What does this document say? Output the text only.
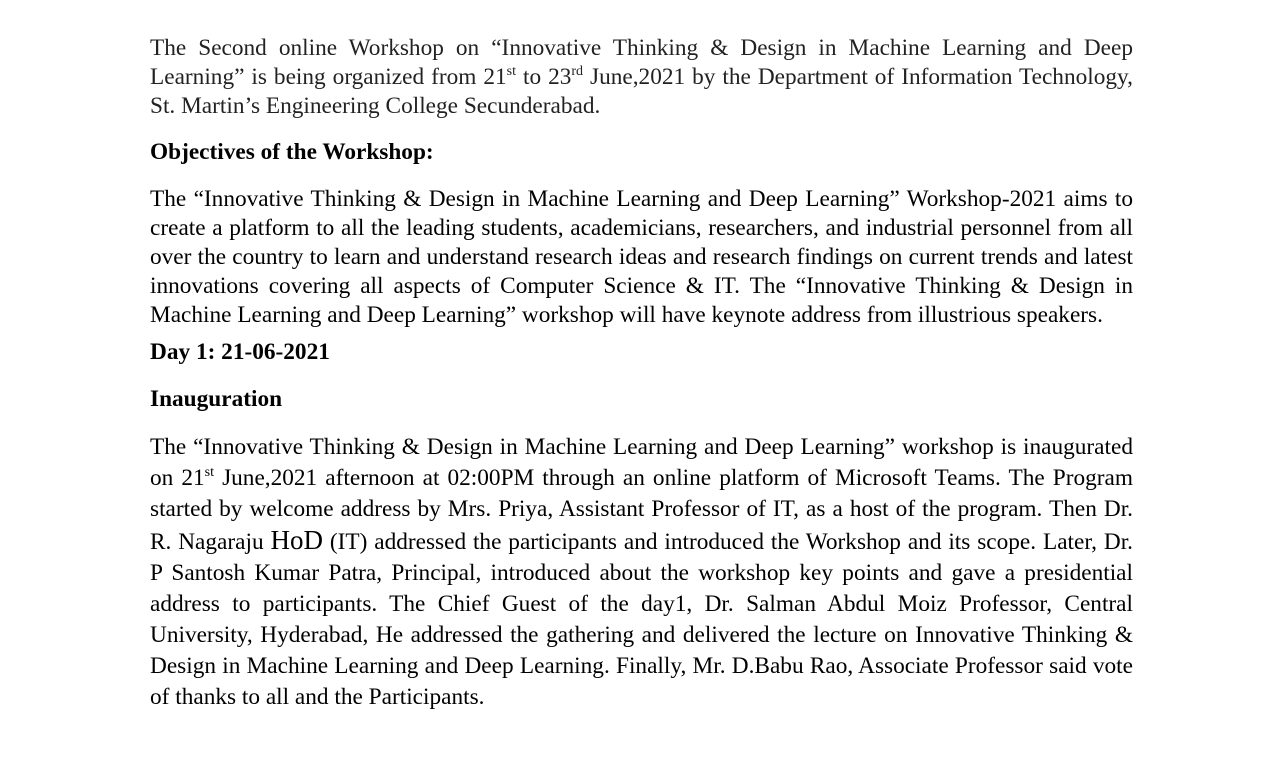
The Second online Workshop on “Innovative Thinking & Design in Machine Learning and Deep Learning” is being organized from 21st to 23rd June,2021 by the Department of Information Technology, St. Martin’s Engineering College Secunderabad.

Objectives of the Workshop:

The “Innovative Thinking & Design in Machine Learning and Deep Learning” Workshop-2021 aims to create a platform to all the leading students, academicians, researchers, and industrial personnel from all over the country to learn and understand research ideas and research findings on current trends and latest innovations covering all aspects of Computer Science & IT. The “Innovative Thinking & Design in Machine Learning and Deep Learning” workshop will have keynote address from illustrious speakers.

Day 1: 21-06-2021

Inauguration

The “Innovative Thinking & Design in Machine Learning and Deep Learning” workshop is inaugurated on 21st June,2021 afternoon at 02:00PM through an online platform of Microsoft Teams. The Program started by welcome address by Mrs. Priya, Assistant Professor of IT, as a host of the program. Then Dr. R. Nagaraju HoD (IT) addressed the participants and introduced the Workshop and its scope. Later, Dr. P Santosh Kumar Patra, Principal, introduced about the workshop key points and gave a presidential address to participants. The Chief Guest of the day1, Dr. Salman Abdul Moiz Professor, Central University, Hyderabad, He addressed the gathering and delivered the lecture on Innovative Thinking & Design in Machine Learning and Deep Learning. Finally, Mr. D.Babu Rao, Associate Professor said vote of thanks to all and the Participants.
